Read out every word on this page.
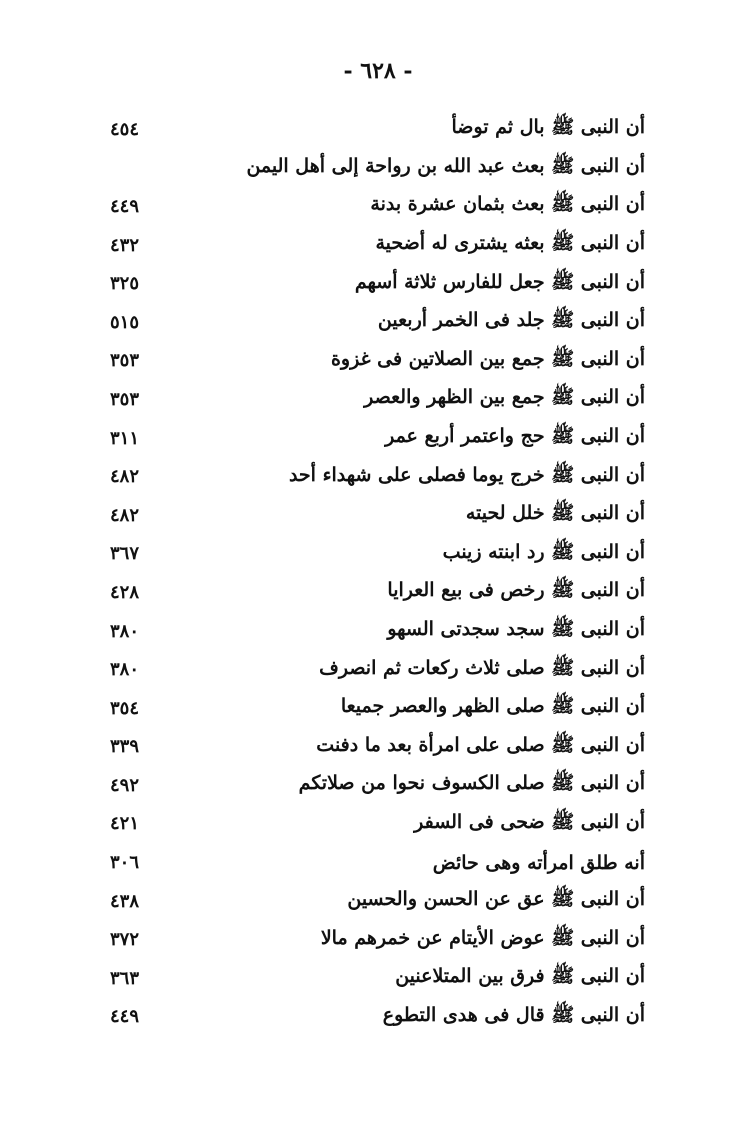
- ٦٢٨ -
أن النبى ﷺ بال ثم توضأ
٤٥٤
أن النبى ﷺ بعث عبد الله بن رواحة إلى أهل اليمن
أن النبى ﷺ بعث بثمان عشرة بدنة
٤٤٩
أن النبى ﷺ بعثه يشترى له أضحية
٤٣٢
أن النبى ﷺ جعل للفارس ثلاثة أسهم
٣٢٥
أن النبى ﷺ جلد فى الخمر أربعين
٥١٥
أن النبى ﷺ جمع بين الصلاتين فى غزوة
٣٥٣
أن النبى ﷺ جمع بين الظهر والعصر
٣٥٣
أن النبى ﷺ حج واعتمر أربع عمر
٣١١
أن النبى ﷺ خرج يوما فصلى على شهداء أحد
٤٨٢
أن النبى ﷺ خلل لحيته
٤٨٢
أن النبى ﷺ رد ابنته زينب
٣٦٧
أن النبى ﷺ رخص فى بيع العرايا
٤٢٨
أن النبى ﷺ سجد سجدتى السهو
٣٨٠
أن النبى ﷺ صلى ثلاث ركعات ثم انصرف
٣٨٠
أن النبى ﷺ صلى الظهر والعصر جميعا
٣٥٤
أن النبى ﷺ صلى على امرأة بعد ما دفنت
٣٣٩
أن النبى ﷺ صلى الكسوف نحوا من صلاتكم
٤٩٢
أن النبى ﷺ ضحى فى السفر
٤٢١
أنه طلق امرأته وهى حائض
٣٠٦
أن النبى ﷺ عق عن الحسن والحسين
٤٣٨
أن النبى ﷺ عوض الأيتام عن خمرهم مالا
٣٧٢
أن النبى ﷺ فرق بين المتلاعنين
٣٦٣
أن النبى ﷺ قال فى هدى التطوع
٤٤٩
